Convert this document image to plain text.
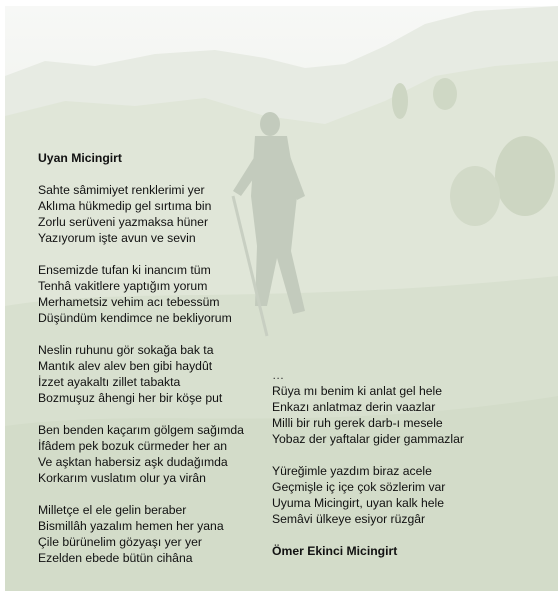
Uyan Micingirt
Sahte sâmimiyet renklerimi yer
Aklıma hükmedip gel sırtıma bin
Zorlu serüveni yazmaksa hüner
Yazıyorum işte avun ve sevin
Ensemizde tufan ki inancım tüm
Tenhâ vakitlere yaptığım yorum
Merhametsiz vehim acı tebessüm
Düşündüm kendimce ne bekliyorum
Neslin ruhunu gör sokağa bak ta
Mantık alev alev ben gibi haydût
İzzet ayakaltı zillet tabakta
Bozmuşuz âhengi her bir köşe put
Ben benden kaçarım gölgem sağımda
İfâdem pek bozuk cürmeder her an
Ve aşktan habersiz aşk dudağımda
Korkarım vuslatım olur ya virân
Milletçe el ele gelin beraber
Bismillâh yazalım hemen her yana
Çile bürünelim gözyaşı yer yer
Ezelden ebede bütün cihâna
…
Rüya mı benim ki anlat gel hele
Enkazı anlatmaz derin vaazlar
Milli bir ruh gerek darb-ı mesele
Yobaz der yaftalar gider gammazlar
Yüreğimle yazdım biraz acele
Geçmişle iç içe çok sözlerim var
Uyuma Micingirt, uyan kalk hele
Semâvi ülkeye esiyor rüzgâr
Ömer Ekinci Micingirt
